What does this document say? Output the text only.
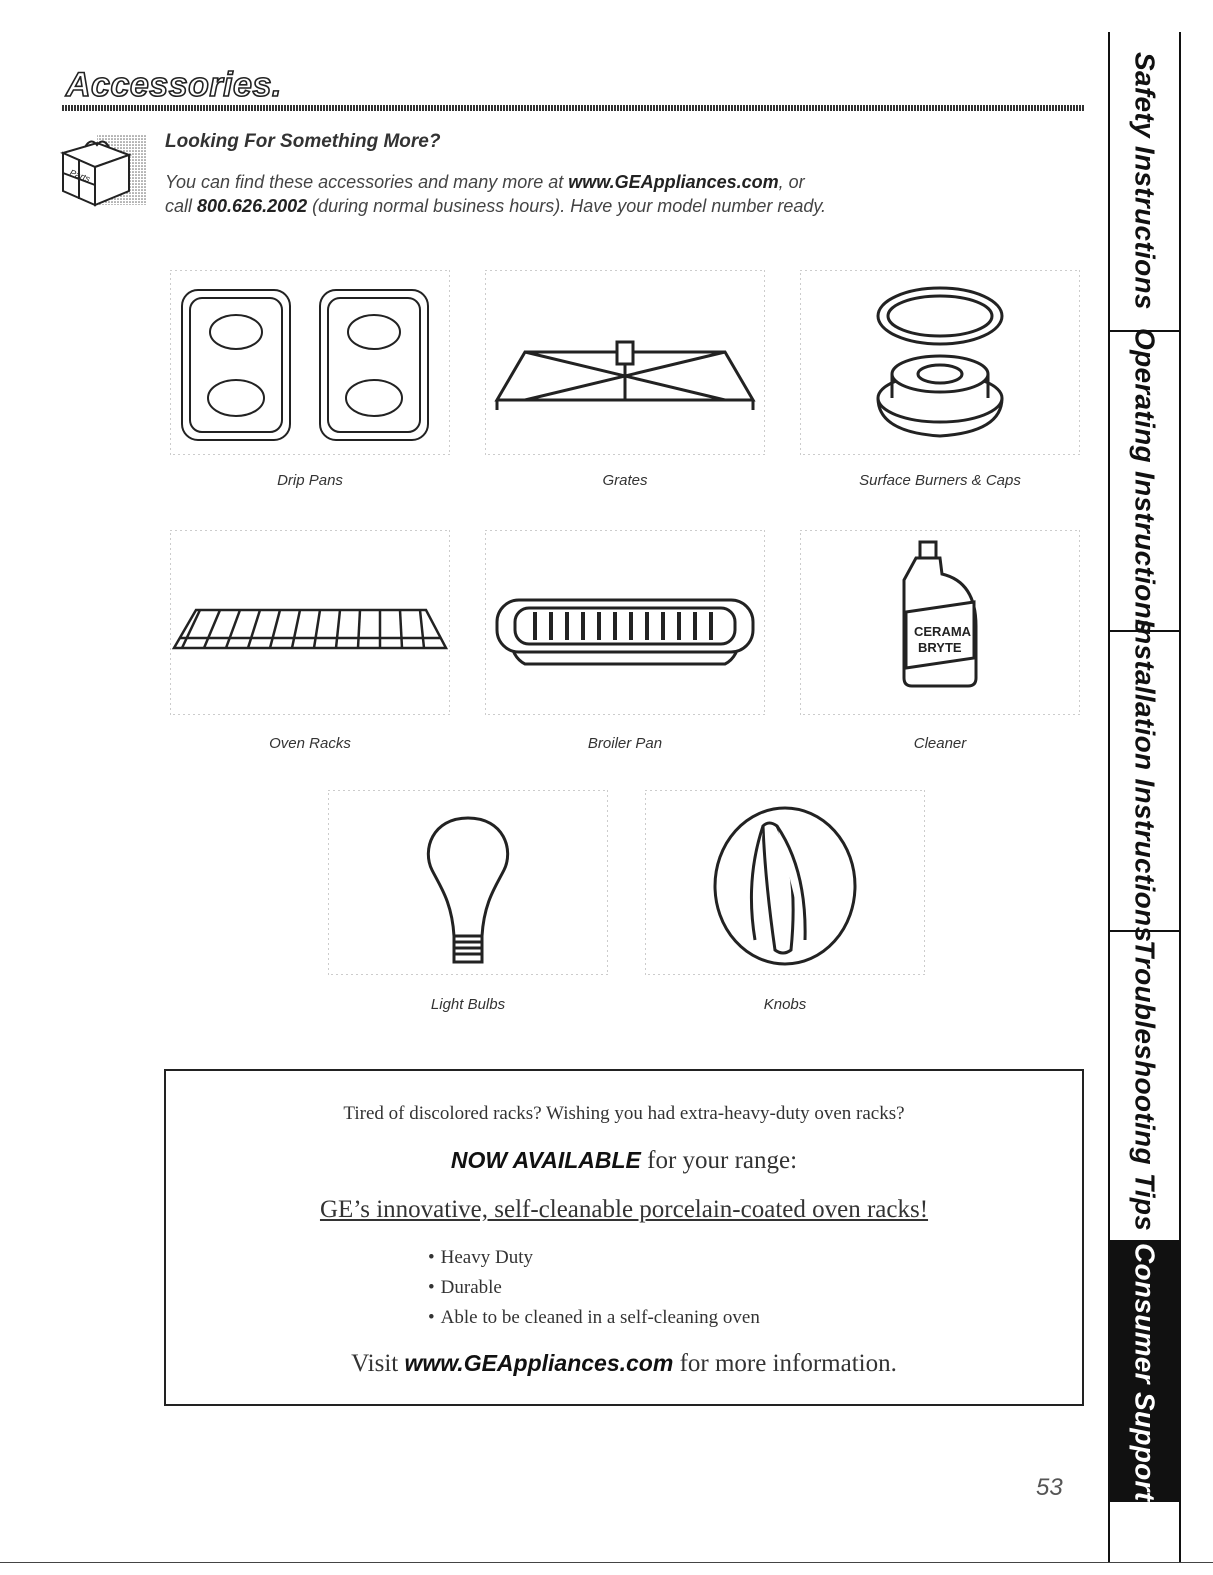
Accessories.
Parts
Looking For Something More?

You can find these accessories and many more at www.GEAppliances.com, or
call 800.626.2002 (during normal business hours). Have your model number ready.

Drip Pans	Grates	Surface Burners & Caps
Oven Racks	Broiler Pan
CERAMA
BRYTE
Cleaner
Light Bulbs	Knobs
Tired of discolored racks? Wishing you had extra-heavy-duty oven racks?
NOW AVAILABLE for your range:
GE’s innovative, self-cleanable porcelain-coated oven racks!
• Heavy Duty
• Durable
• Able to be cleaned in a self-cleaning oven
Visit www.GEAppliances.com for more information.
53
Safety Instructions
Operating Instructions
Installation Instructions
Troubleshooting Tips
Consumer Support
